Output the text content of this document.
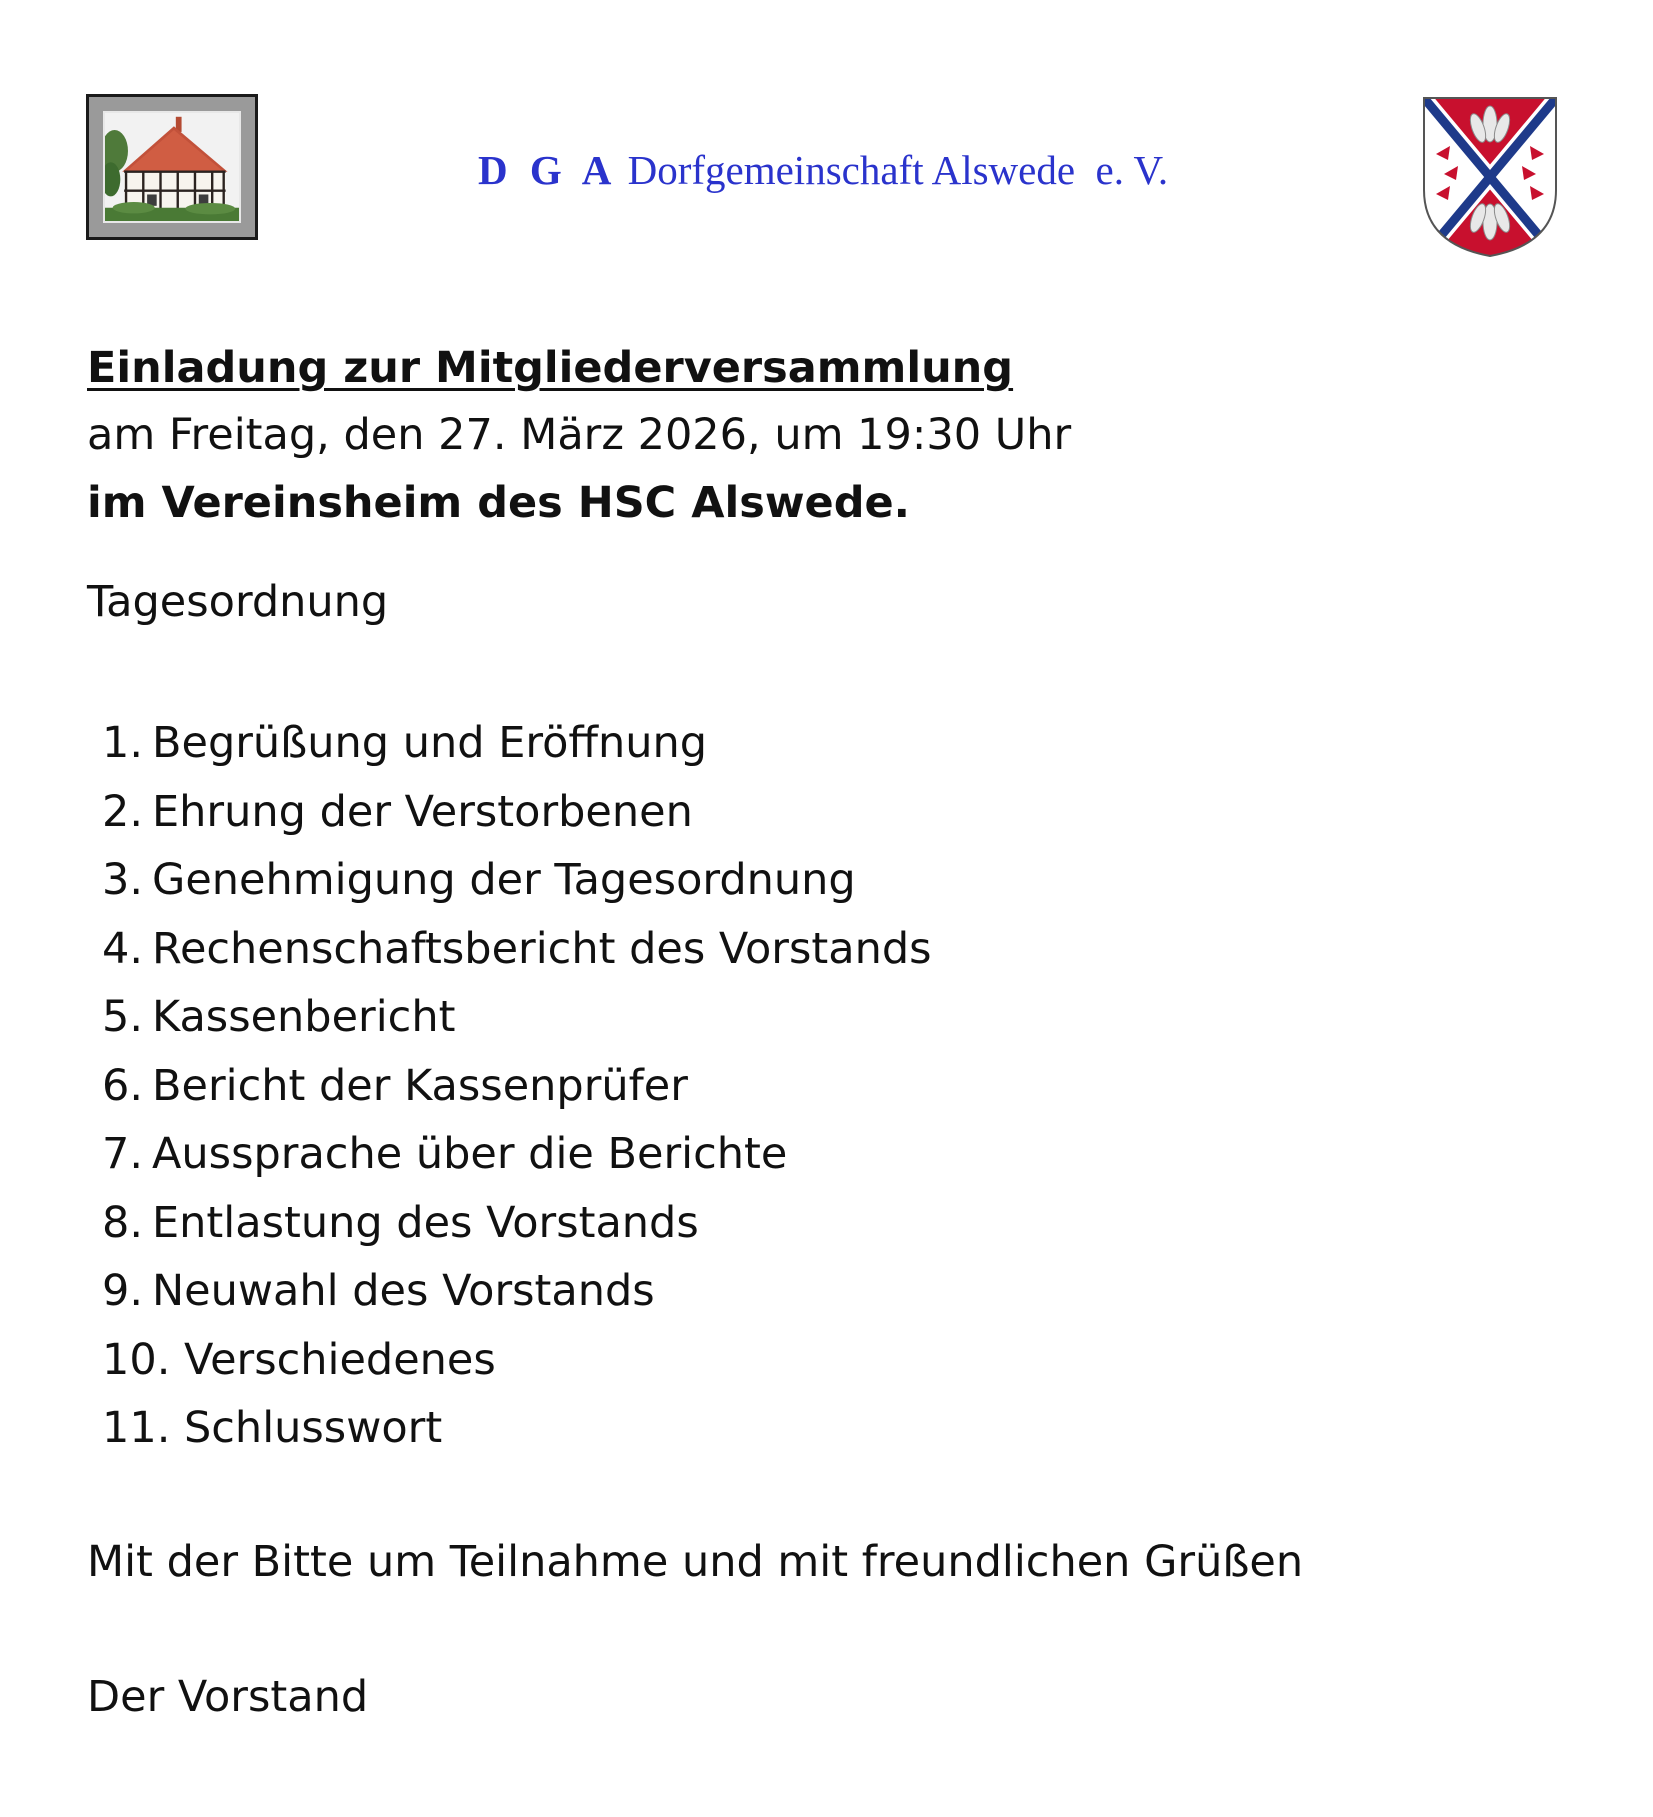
D G A Dorfgemeinschaft Alswede  e. V.
Einladung zur Mitgliederversammlung
am Freitag, den 27. März 2026, um 19:30 Uhr
im Vereinsheim des HSC Alswede.
Tagesordnung
1. Begrüßung und Eröffnung
2. Ehrung der Verstorbenen
3. Genehmigung der Tagesordnung
4. Rechenschaftsbericht des Vorstands
5. Kassenbericht
6. Bericht der Kassenprüfer
7. Aussprache über die Berichte
8. Entlastung des Vorstands
9. Neuwahl des Vorstands
10. Verschiedenes
11. Schlusswort
Mit der Bitte um Teilnahme und mit freundlichen Grüßen
Der Vorstand
